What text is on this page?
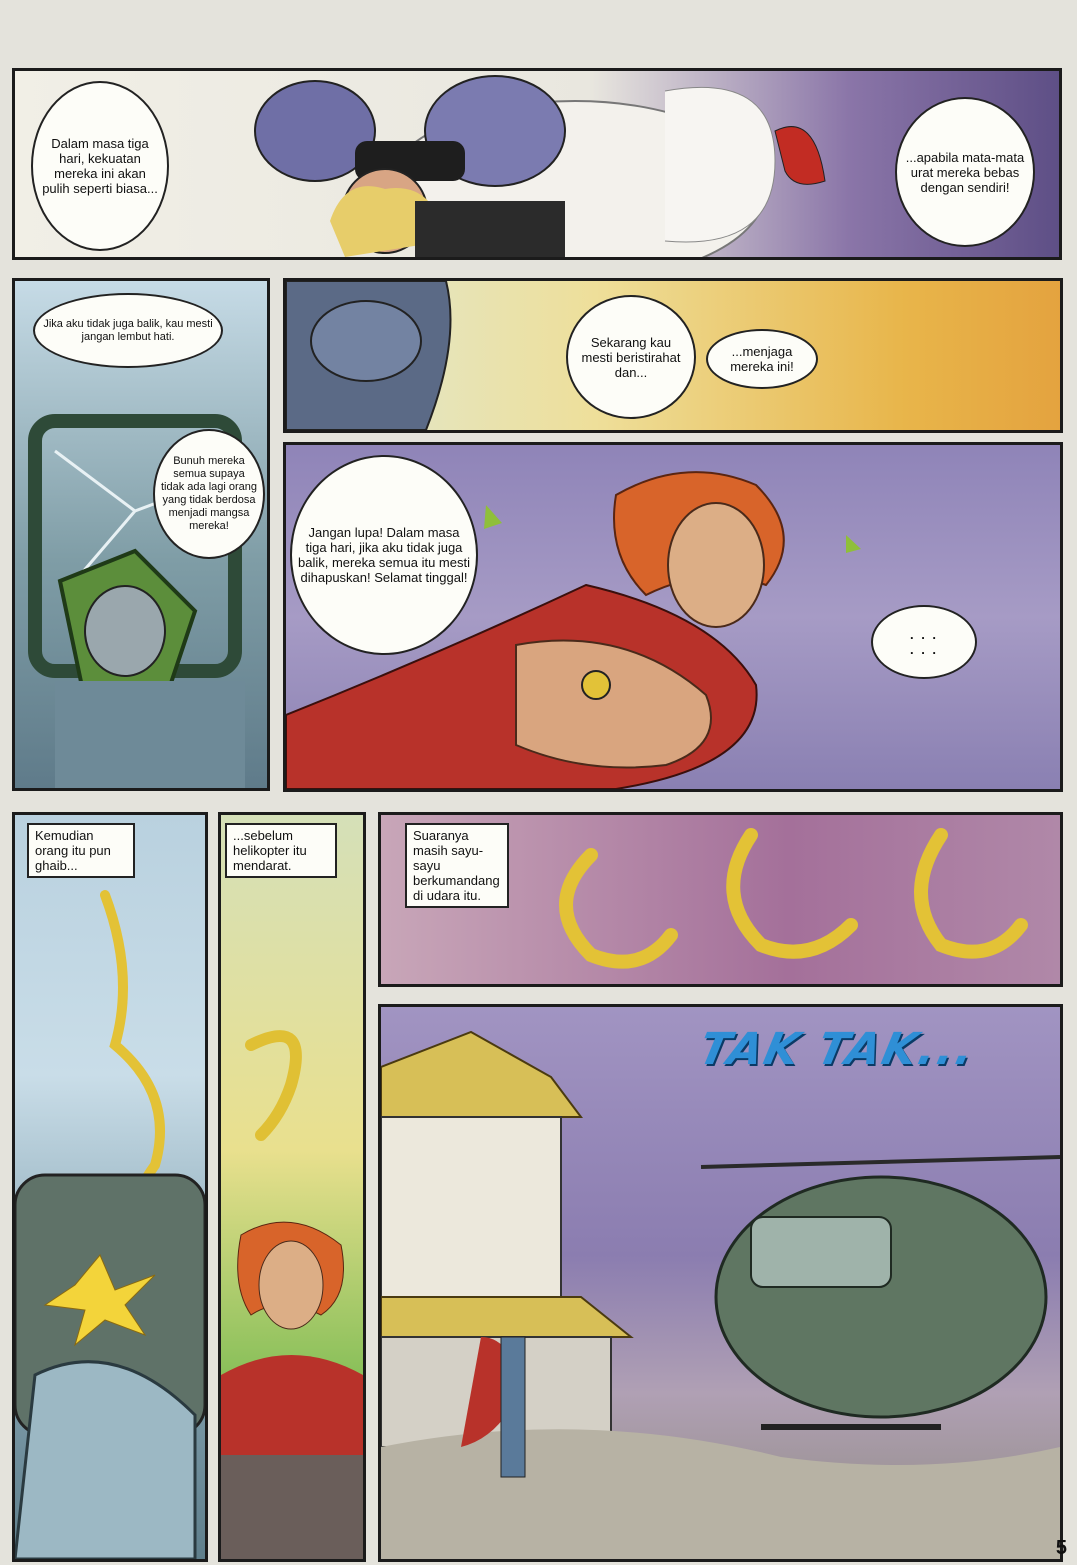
Dalam masa tiga hari, kekuatan mereka ini akan pulih seperti biasa...
...apabila mata-mata urat mereka bebas dengan sendiri!
Jika aku tidak juga balik, kau mesti jangan lembut hati.
Bunuh mereka semua supaya tidak ada lagi orang yang tidak berdosa menjadi mangsa mereka!
Sekarang kau mesti beristirahat dan...
...menjaga mereka ini!
Jangan lupa! Dalam masa tiga hari, jika aku tidak juga balik, mereka semua itu mesti dihapuskan! Selamat tinggal!
. . .
. . .
Kemudian orang itu pun ghaib...
...sebelum helikopter itu mendarat.
Suaranya masih sayu-sayu berkumandang di udara itu.
TAK TAK...
5
